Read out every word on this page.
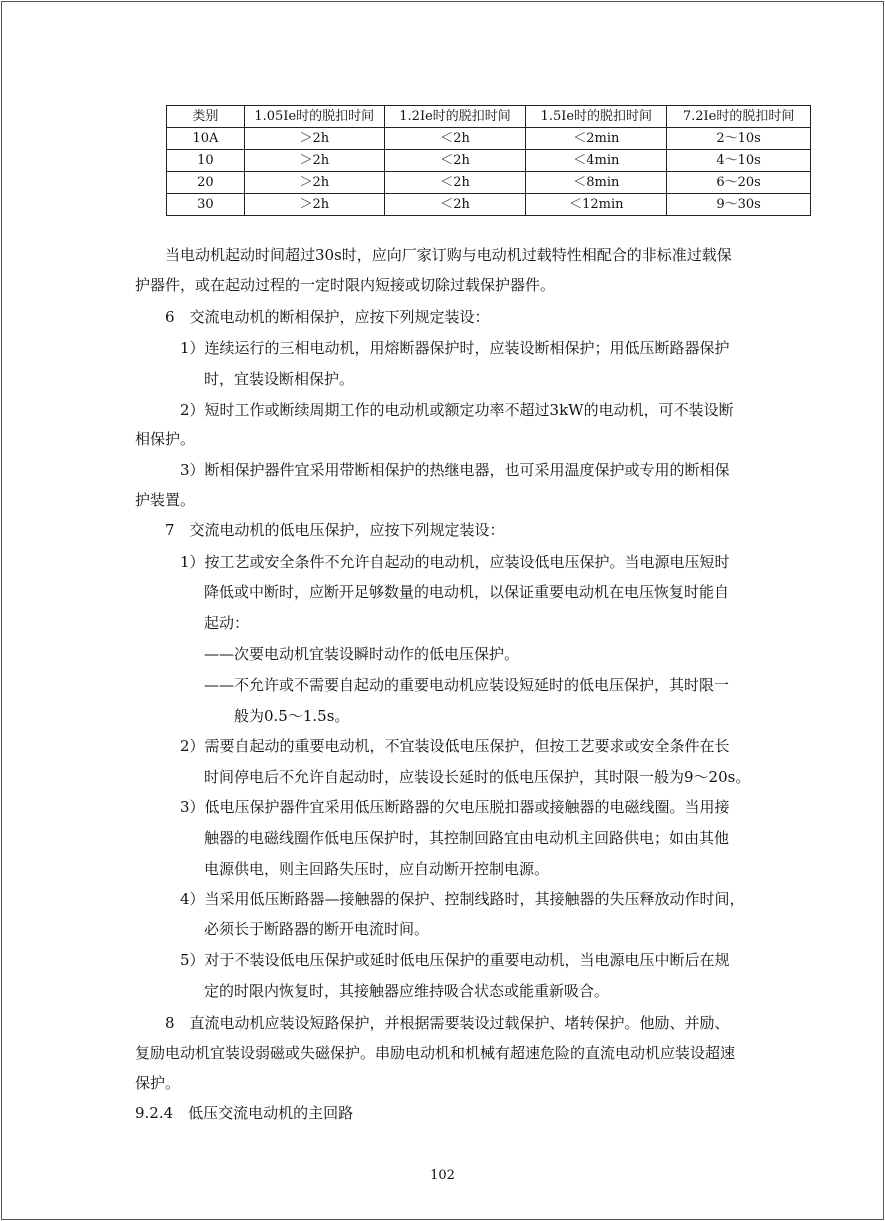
类别	1.05Ie时的脱扣时间	1.2Ie时的脱扣时间	1.5Ie时的脱扣时间	7.2Ie时的脱扣时间
10A	＞2h	＜2h	＜2min	2～10s
10	＞2h	＜2h	＜4min	4～10s
20	＞2h	＜2h	＜8min	6～20s
30	＞2h	＜2h	＜12min	9～30s

当电动机起动时间超过30s时，应向厂家订购与电动机过载特性相配合的非标准过载保

护器件，或在起动过程的一定时限内短接或切除过载保护器件。

6　交流电动机的断相保护，应按下列规定装设：

1）连续运行的三相电动机，用熔断器保护时，应装设断相保护；用低压断路器保护

时，宜装设断相保护。

2）短时工作或断续周期工作的电动机或额定功率不超过3kW的电动机，可不装设断

相保护。

3）断相保护器件宜采用带断相保护的热继电器，也可采用温度保护或专用的断相保

护装置。

7　交流电动机的低电压保护，应按下列规定装设：

1）按工艺或安全条件不允许自起动的电动机，应装设低电压保护。当电源电压短时

降低或中断时，应断开足够数量的电动机，以保证重要电动机在电压恢复时能自

起动：

——次要电动机宜装设瞬时动作的低电压保护。

——不允许或不需要自起动的重要电动机应装设短延时的低电压保护，其时限一

般为0.5～1.5s。

2）需要自起动的重要电动机，不宜装设低电压保护，但按工艺要求或安全条件在长

时间停电后不允许自起动时，应装设长延时的低电压保护，其时限一般为9～20s。

3）低电压保护器件宜采用低压断路器的欠电压脱扣器或接触器的电磁线圈。当用接

触器的电磁线圈作低电压保护时，其控制回路宜由电动机主回路供电；如由其他

电源供电，则主回路失压时，应自动断开控制电源。

4）当采用低压断路器—接触器的保护、控制线路时，其接触器的失压释放动作时间，

必须长于断路器的断开电流时间。

5）对于不装设低电压保护或延时低电压保护的重要电动机，当电源电压中断后在规

定的时限内恢复时，其接触器应维持吸合状态或能重新吸合。

8　直流电动机应装设短路保护，并根据需要装设过载保护、堵转保护。他励、并励、

复励电动机宜装设弱磁或失磁保护。串励电动机和机械有超速危险的直流电动机应装设超速

保护。

9.2.4　低压交流电动机的主回路

102
